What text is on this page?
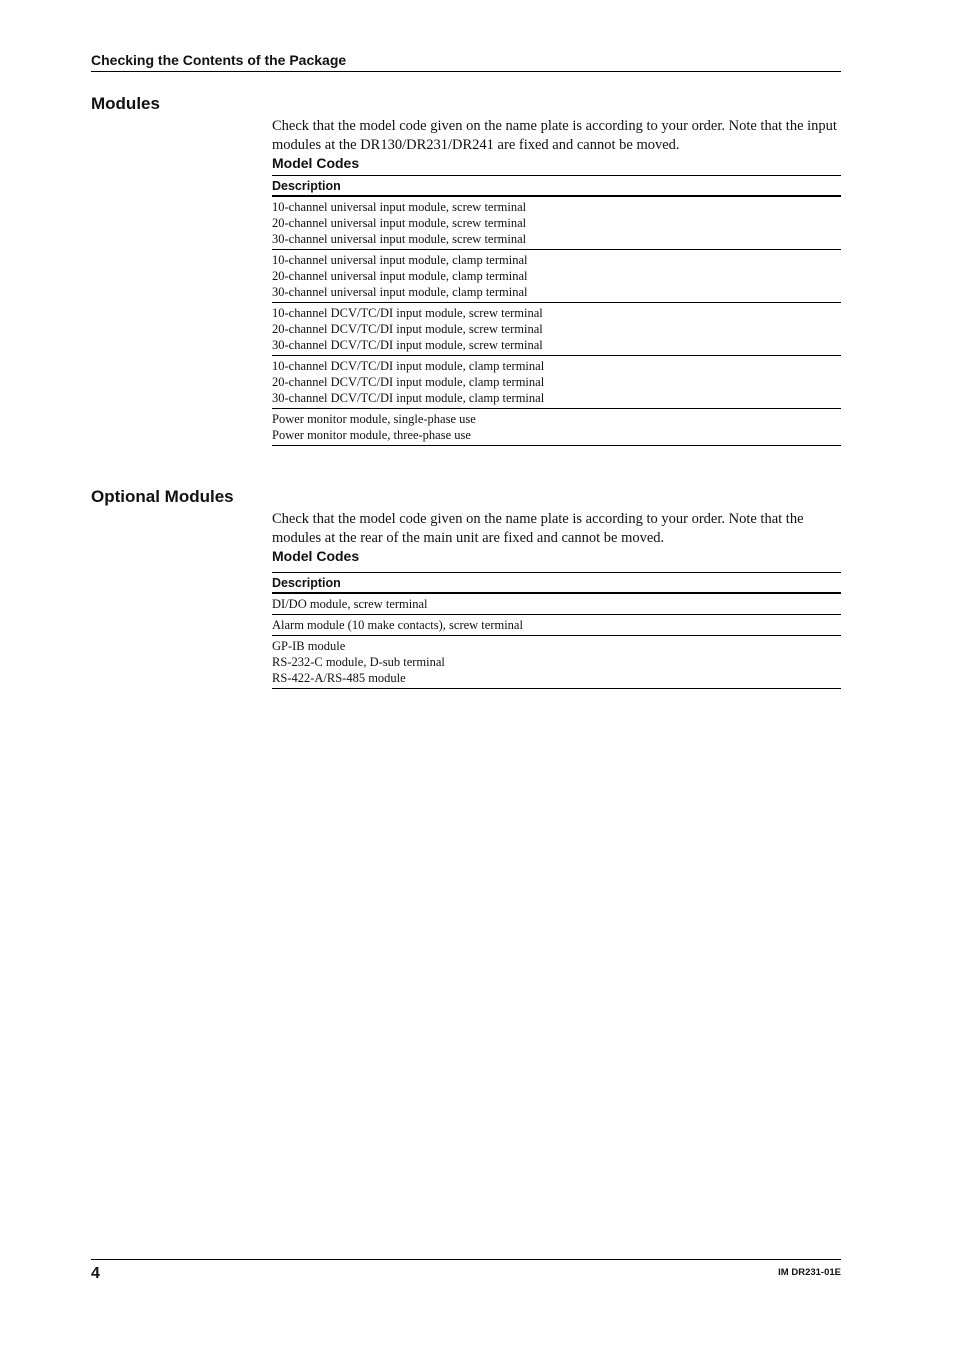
Checking the Contents of the Package
Modules

Check that the model code given on the name plate is according to your order. Note that the input modules at the DR130/DR231/DR241 are fixed and cannot be moved.

Model Codes
Description
10-channel universal input module, screw terminal
20-channel universal input module, screw terminal
30-channel universal input module, screw terminal
10-channel universal input module, clamp terminal
20-channel universal input module, clamp terminal
30-channel universal input module, clamp terminal
10-channel DCV/TC/DI input module, screw terminal
20-channel DCV/TC/DI input module, screw terminal
30-channel DCV/TC/DI input module, screw terminal
10-channel DCV/TC/DI input module, clamp terminal
20-channel DCV/TC/DI input module, clamp terminal
30-channel DCV/TC/DI input module, clamp terminal
Power monitor module, single-phase use
Power monitor module, three-phase use
Optional Modules

Check that the model code given on the name plate is according to your order. Note that the modules at the rear of the main unit are fixed and cannot be moved.

Model Codes
Description
DI/DO module, screw terminal
Alarm module (10 make contacts), screw terminal
GP-IB module
RS-232-C module, D-sub terminal
RS-422-A/RS-485 module
4	IM DR231-01E
